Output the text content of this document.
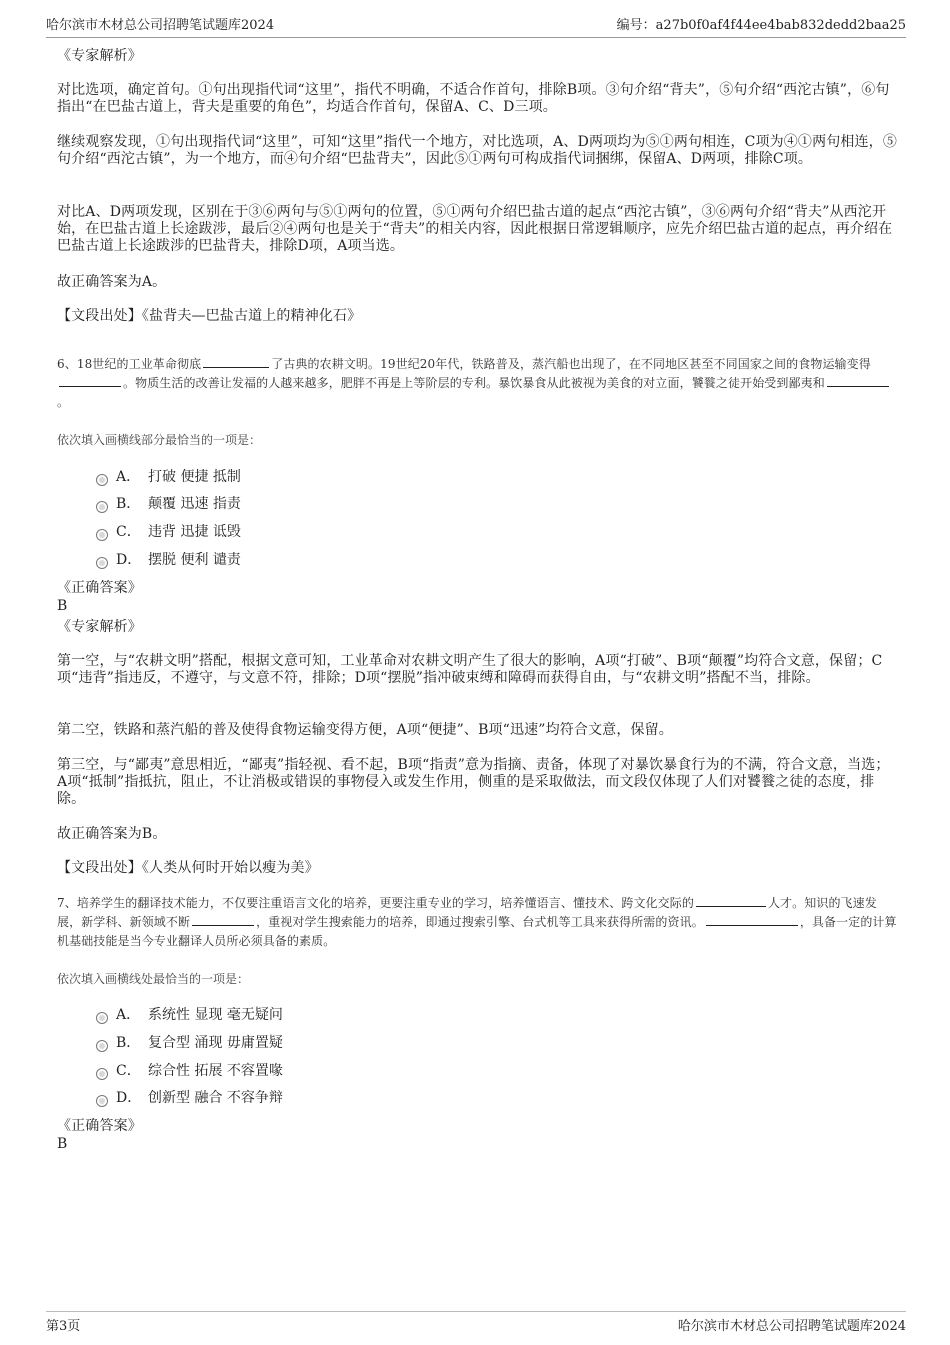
哈尔滨市木材总公司招聘笔试题库2024	编号：a27b0f0af4f44ee4bab832dedd2baa25
《专家解析》
对比选项，确定首句。①句出现指代词“这里”，指代不明确，不适合作首句，排除B项。③句介绍“背夫”，⑤句介绍“西沱古镇”，⑥句指出“在巴盐古道上，背夫是重要的角色”，均适合作首句，保留A、C、D三项。
继续观察发现，①句出现指代词“这里”，可知“这里”指代一个地方，对比选项，A、D两项均为⑤①两句相连，C项为④①两句相连，⑤句介绍“西沱古镇”，为一个地方，而④句介绍“巴盐背夫”，因此⑤①两句可构成指代词捆绑，保留A、D两项，排除C项。
对比A、D两项发现，区别在于③⑥两句与⑤①两句的位置，⑤①两句介绍巴盐古道的起点“西沱古镇”，③⑥两句介绍“背夫”从西沱开始，在巴盐古道上长途跋涉，最后②④两句也是关于“背夫”的相关内容，因此根据日常逻辑顺序，应先介绍巴盐古道的起点，再介绍在巴盐古道上长途跋涉的巴盐背夫，排除D项，A项当选。
故正确答案为A。
【文段出处】《盐背夫—巴盐古道上的精神化石》
6、18世纪的工业革命彻底	了古典的农耕文明。19世纪20年代，铁路普及，蒸汽船也出现了，在不同地区甚至不同国家之间的食物运输变得。物质生活的改善让发福的人越来越多，肥胖不再是上等阶层的专利。暴饮暴食从此被视为美食的对立面，饕餮之徒开始受到鄙夷和。
依次填入画横线部分最恰当的一项是：
A． 打破 便捷 抵制
B． 颠覆 迅速 指责
C． 违背 迅捷 诋毁
D． 摆脱 便利 谴责
《正确答案》
B
《专家解析》
第一空，与“农耕文明”搭配，根据文意可知，工业革命对农耕文明产生了很大的影响，A项“打破”、B项“颠覆”均符合文意，保留；C项“违背”指违反，不遵守，与文意不符，排除；D项“摆脱”指冲破束缚和障碍而获得自由，与“农耕文明”搭配不当，排除。
第二空，铁路和蒸汽船的普及使得食物运输变得方便，A项“便捷”、B项“迅速”均符合文意，保留。
第三空，与“鄙夷”意思相近，“鄙夷”指轻视、看不起，B项“指责”意为指摘、责备，体现了对暴饮暴食行为的不满，符合文意，当选；A项“抵制”指抵抗，阻止，不让消极或错误的事物侵入或发生作用，侧重的是采取做法，而文段仅体现了人们对饕餮之徒的态度，排除。
故正确答案为B。
【文段出处】《人类从何时开始以瘦为美》
7、培养学生的翻译技术能力，不仅要注重语言文化的培养，更要注重专业的学习，培养懂语言、懂技术、跨文化交际的	人才。知识的飞速发展，新学科、新领域不断	，重视对学生搜索能力的培养，即通过搜索引擎、台式机等工具来获得所需的资讯。	，具备一定的计算机基础技能是当今专业翻译人员所必须具备的素质。
依次填入画横线处最恰当的一项是：
A． 系统性 显现 毫无疑问
B． 复合型 涌现 毋庸置疑
C． 综合性 拓展 不容置喙
D． 创新型 融合 不容争辩
《正确答案》
B
第3页	哈尔滨市木材总公司招聘笔试题库2024
